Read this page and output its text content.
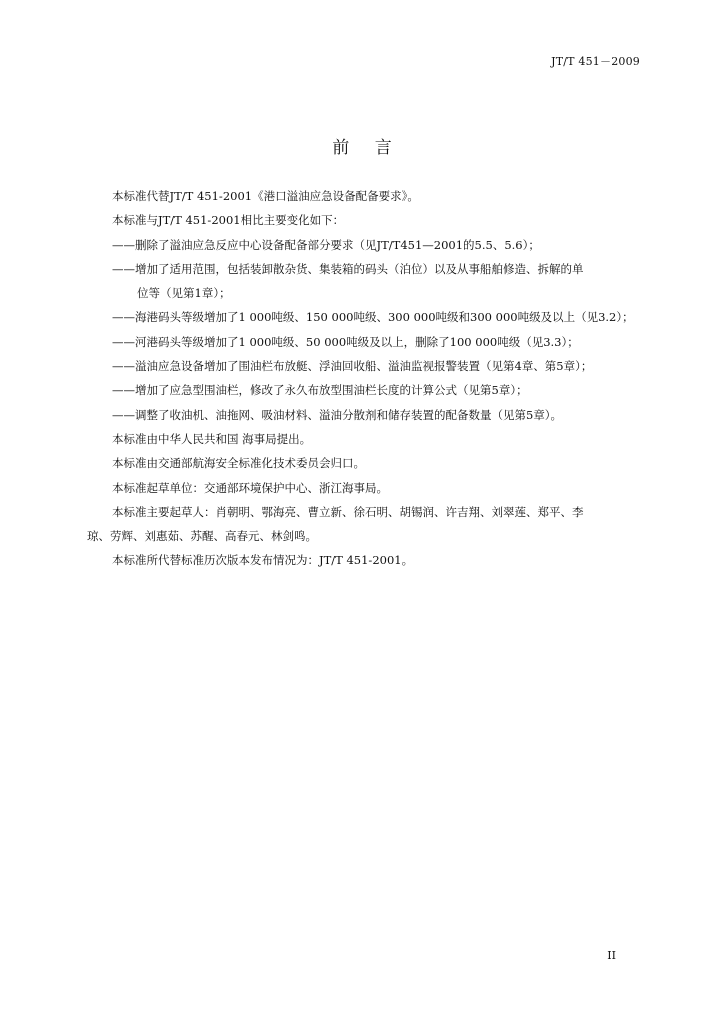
JT/T 451－2009
前 言

本标准代替JT/T 451-2001《港口溢油应急设备配备要求》。

本标准与JT/T 451-2001相比主要变化如下：

——删除了溢油应急反应中心设备配备部分要求（见JT/T451—2001的5.5、5.6）；

——增加了适用范围，包括装卸散杂货、集装箱的码头（泊位）以及从事船舶修造、拆解的单

位等（见第1章）；

——海港码头等级增加了1 000吨级、150 000吨级、300 000吨级和300 000吨级及以上（见3.2）；

——河港码头等级增加了1 000吨级、50 000吨级及以上，删除了100 000吨级（见3.3）；

——溢油应急设备增加了围油栏布放艇、浮油回收船、溢油监视报警装置（见第4章、第5章）；

——增加了应急型围油栏，修改了永久布放型围油栏长度的计算公式（见第5章）；

——调整了收油机、油拖网、吸油材料、溢油分散剂和储存装置的配备数量（见第5章）。

本标准由中华人民共和国 海事局提出。

本标准由交通部航海安全标准化技术委员会归口。

本标准起草单位：交通部环境保护中心、浙江海事局。

本标准主要起草人：肖朝明、鄂海亮、曹立新、徐石明、胡锡润、许吉翔、刘翠莲、郑平、李

琼、劳辉、刘惠茹、苏醒、高春元、林剑鸣。

本标准所代替标准历次版本发布情况为：JT/T 451-2001。

II
